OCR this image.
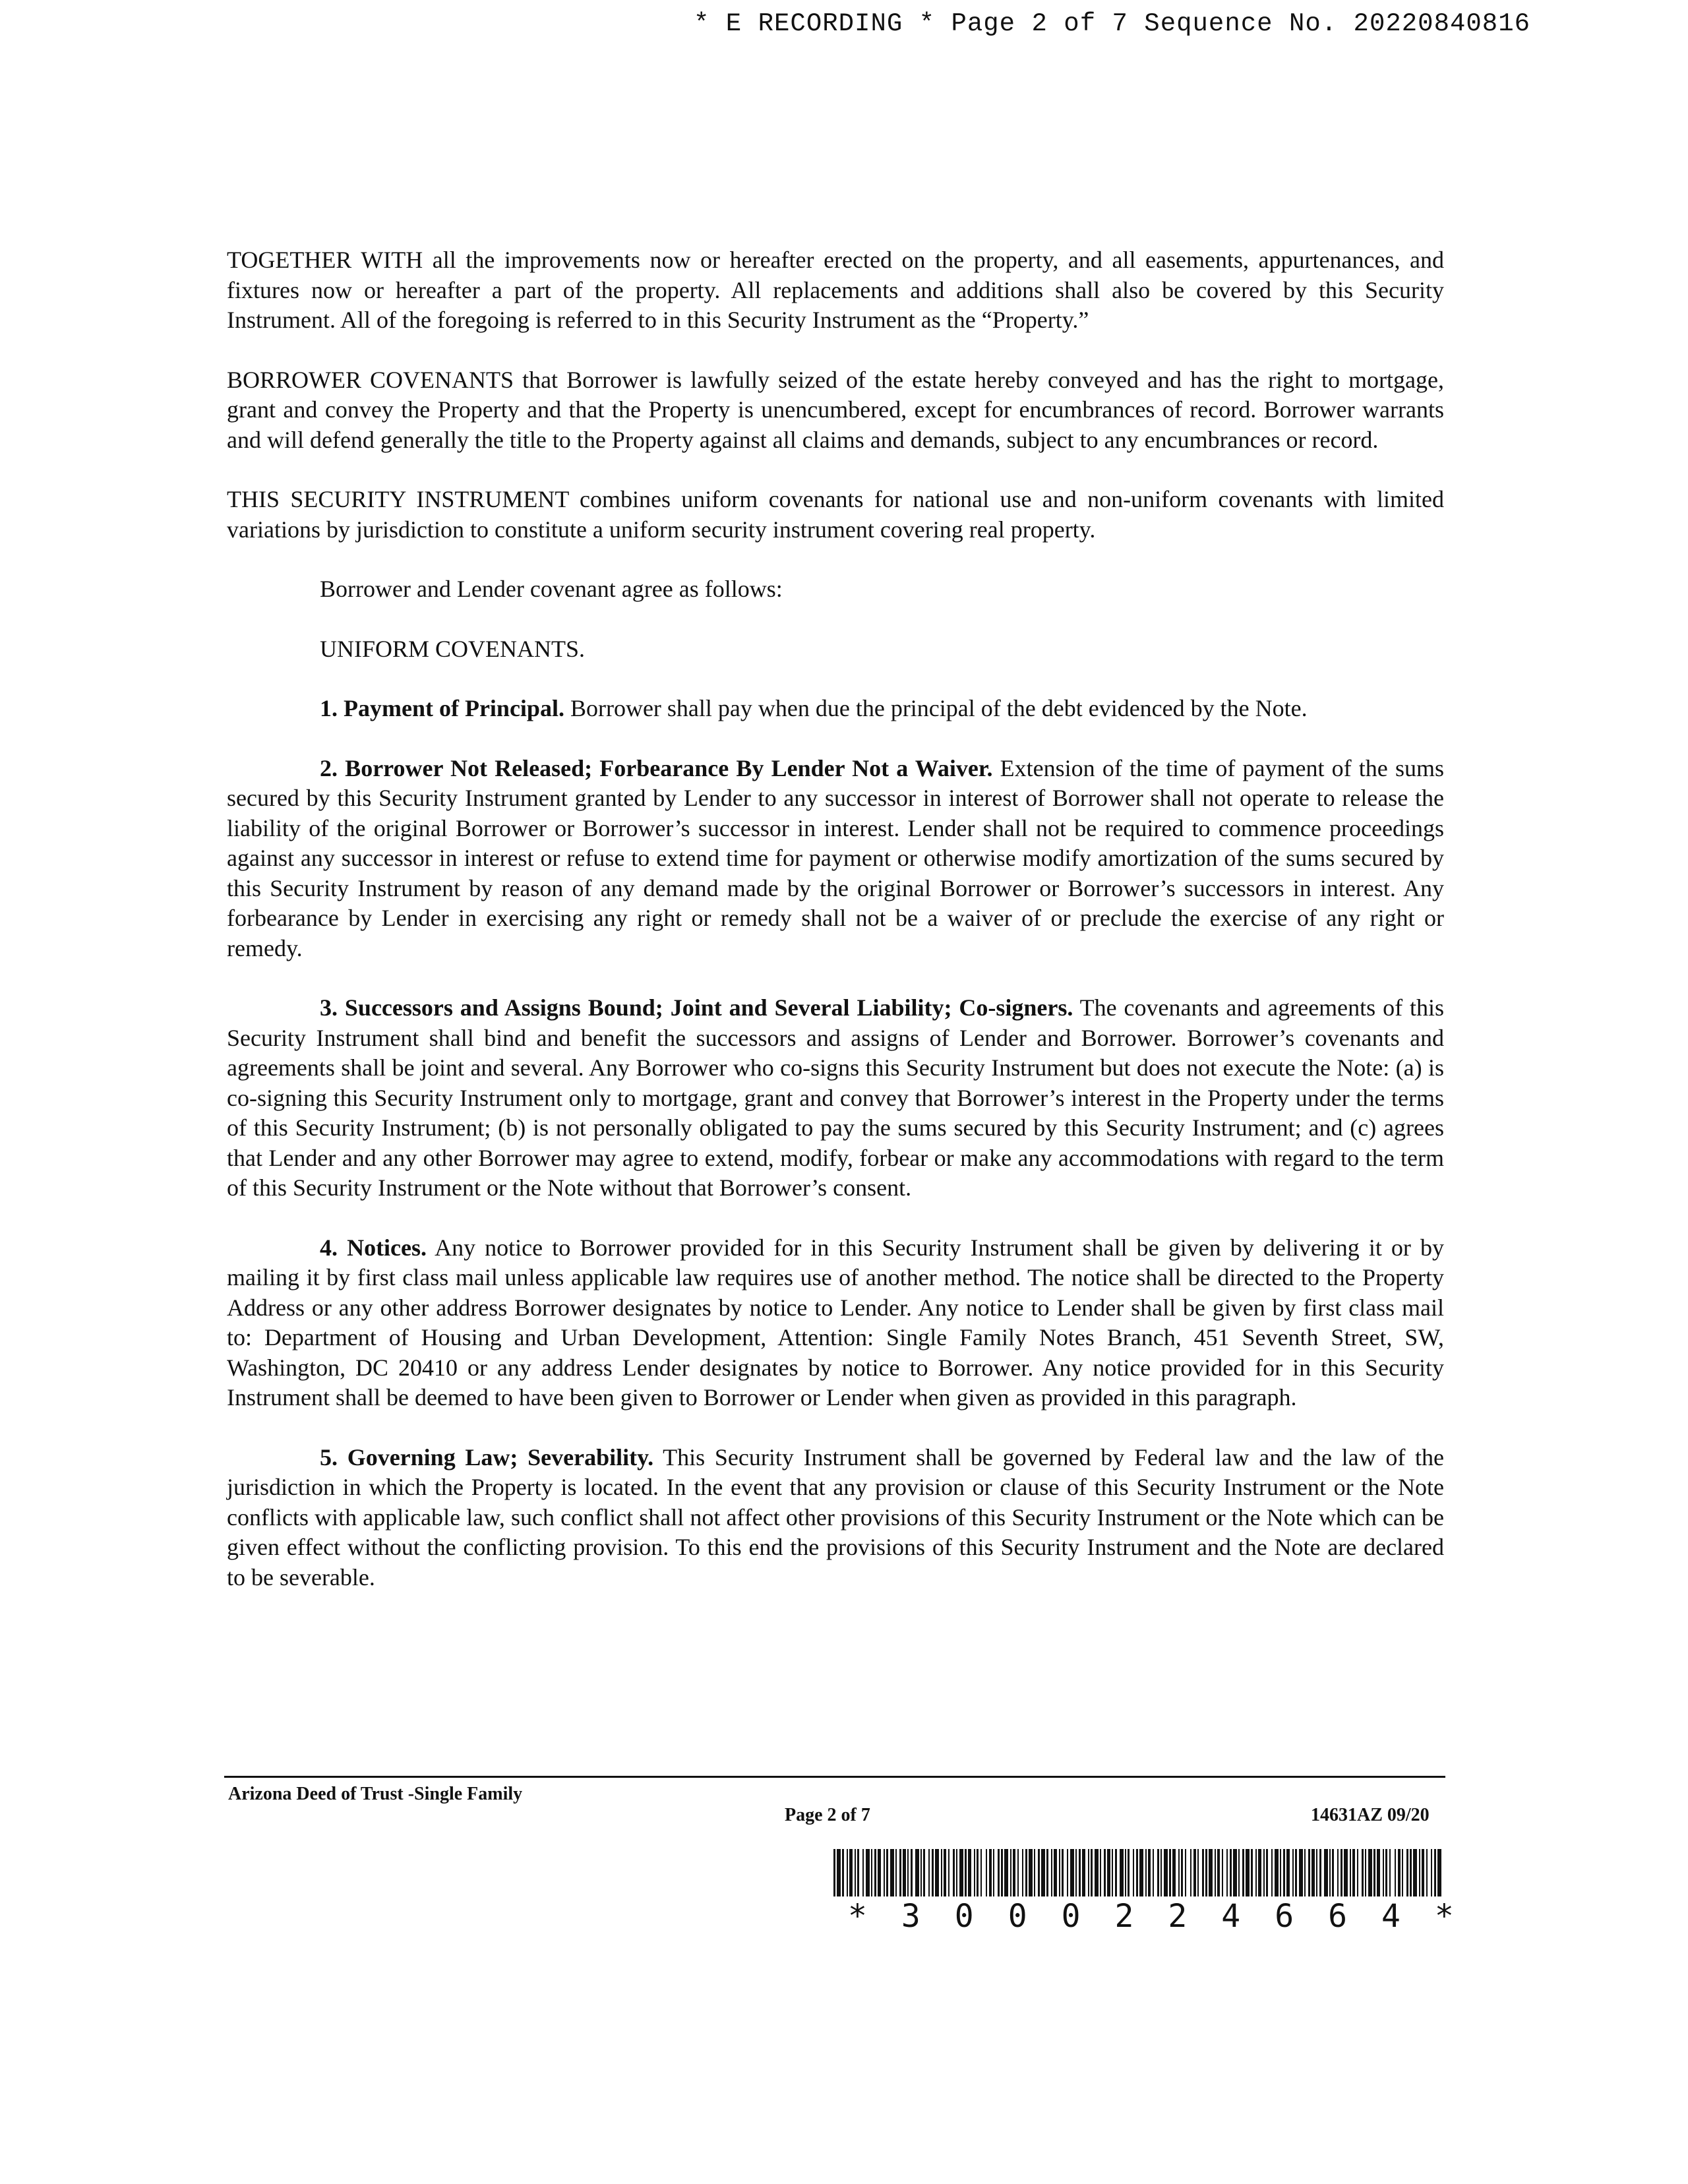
* E RECORDING * Page 2 of 7 Sequence No. 20220840816

TOGETHER WITH all the improvements now or hereafter erected on the property, and all easements, appurtenances, and fixtures now or hereafter a part of the property. All replacements and additions shall also be covered by this Security Instrument. All of the foregoing is referred to in this Security Instrument as the “Property.”

BORROWER COVENANTS that Borrower is lawfully seized of the estate hereby conveyed and has the right to mortgage, grant and convey the Property and that the Property is unencumbered, except for encumbrances of record. Borrower warrants and will defend generally the title to the Property against all claims and demands, subject to any encumbrances or record.

THIS SECURITY INSTRUMENT combines uniform covenants for national use and non-uniform covenants with limited variations by jurisdiction to constitute a uniform security instrument covering real property.

Borrower and Lender covenant agree as follows:

UNIFORM COVENANTS.

1. Payment of Principal. Borrower shall pay when due the principal of the debt evidenced by the Note.

2. Borrower Not Released; Forbearance By Lender Not a Waiver. Extension of the time of payment of the sums secured by this Security Instrument granted by Lender to any successor in interest of Borrower shall not operate to release the liability of the original Borrower or Borrower’s successor in interest. Lender shall not be required to commence proceedings against any successor in interest or refuse to extend time for payment or otherwise modify amortization of the sums secured by this Security Instrument by reason of any demand made by the original Borrower or Borrower’s successors in interest. Any forbearance by Lender in exercising any right or remedy shall not be a waiver of or preclude the exercise of any right or remedy.

3. Successors and Assigns Bound; Joint and Several Liability; Co-signers. The covenants and agreements of this Security Instrument shall bind and benefit the successors and assigns of Lender and Borrower. Borrower’s covenants and agreements shall be joint and several. Any Borrower who co-signs this Security Instrument but does not execute the Note: (a) is co-signing this Security Instrument only to mortgage, grant and convey that Borrower’s interest in the Property under the terms of this Security Instrument; (b) is not personally obligated to pay the sums secured by this Security Instrument; and (c) agrees that Lender and any other Borrower may agree to extend, modify, forbear or make any accommodations with regard to the term of this Security Instrument or the Note without that Borrower’s consent.

4. Notices. Any notice to Borrower provided for in this Security Instrument shall be given by delivering it or by mailing it by first class mail unless applicable law requires use of another method. The notice shall be directed to the Property Address or any other address Borrower designates by notice to Lender. Any notice to Lender shall be given by first class mail to: Department of Housing and Urban Development, Attention: Single Family Notes Branch, 451 Seventh Street, SW, Washington, DC 20410 or any address Lender designates by notice to Borrower. Any notice provided for in this Security Instrument shall be deemed to have been given to Borrower or Lender when given as provided in this paragraph.

5. Governing Law; Severability. This Security Instrument shall be governed by Federal law and the law of the jurisdiction in which the Property is located. In the event that any provision or clause of this Security Instrument or the Note conflicts with applicable law, such conflict shall not affect other provisions of this Security Instrument or the Note which can be given effect without the conflicting provision. To this end the provisions of this Security Instrument and the Note are declared to be severable.

Arizona Deed of Trust -Single Family
Page 2 of 7	14631AZ 09/20
*3000224664*
